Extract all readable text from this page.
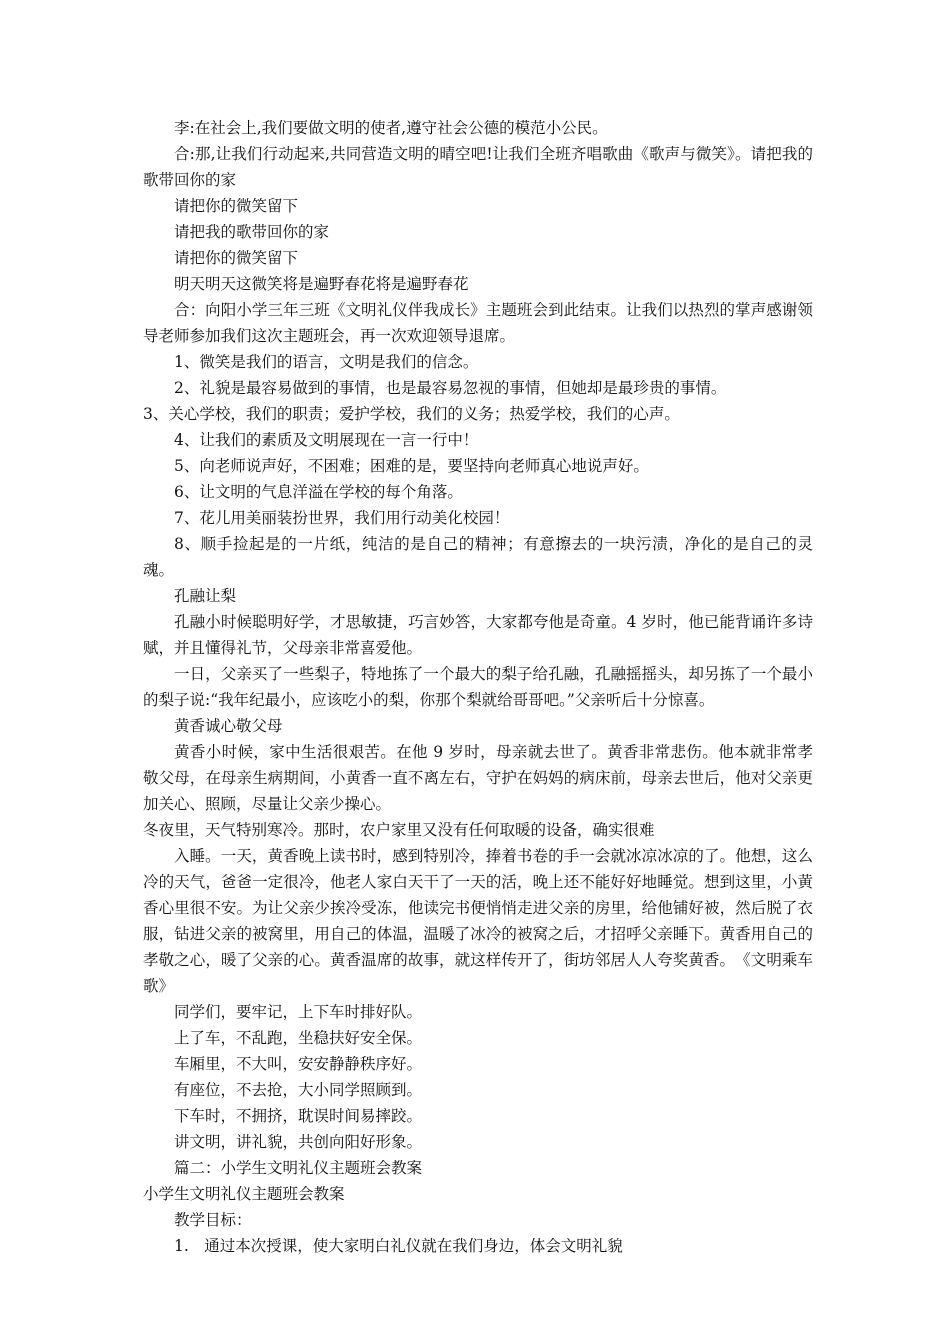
李:在社会上,我们要做文明的使者,遵守社会公德的模范小公民。

合:那,让我们行动起来,共同营造文明的晴空吧!让我们全班齐唱歌曲《歌声与微笑》。请把我的歌带回你的家

请把你的微笑留下

请把我的歌带回你的家

请把你的微笑留下

明天明天这微笑将是遍野春花将是遍野春花

合：向阳小学三年三班《文明礼仪伴我成长》主题班会到此结束。让我们以热烈的掌声感谢领导老师参加我们这次主题班会，再一次欢迎领导退席。

1、微笑是我们的语言，文明是我们的信念。

2、礼貌是最容易做到的事情，也是最容易忽视的事情，但她却是最珍贵的事情。

3、关心学校，我们的职责；爱护学校，我们的义务；热爱学校，我们的心声。

4、让我们的素质及文明展现在一言一行中！

5、向老师说声好，不困难；困难的是，要坚持向老师真心地说声好。

6、让文明的气息洋溢在学校的每个角落。

7、花儿用美丽装扮世界，我们用行动美化校园！

8、顺手捡起是的一片纸，纯洁的是自己的精神；有意擦去的一块污渍，净化的是自己的灵魂。

孔融让梨

孔融小时候聪明好学，才思敏捷，巧言妙答，大家都夸他是奇童。4 岁时，他已能背诵许多诗赋，并且懂得礼节，父母亲非常喜爱他。

一日，父亲买了一些梨子，特地拣了一个最大的梨子给孔融，孔融摇摇头，却另拣了一个最小的梨子说:“我年纪最小，应该吃小的梨，你那个梨就给哥哥吧。”父亲听后十分惊喜。

黄香诚心敬父母

黄香小时候，家中生活很艰苦。在他 9 岁时，母亲就去世了。黄香非常悲伤。他本就非常孝敬父母，在母亲生病期间，小黄香一直不离左右，守护在妈妈的病床前，母亲去世后，他对父亲更加关心、照顾，尽量让父亲少操心。

冬夜里，天气特别寒冷。那时，农户家里又没有任何取暖的设备，确实很难

入睡。一天，黄香晚上读书时，感到特别冷，捧着书卷的手一会就冰凉冰凉的了。他想，这么冷的天气，爸爸一定很冷，他老人家白天干了一天的活，晚上还不能好好地睡觉。想到这里，小黄香心里很不安。为让父亲少挨冷受冻，他读完书便悄悄走进父亲的房里，给他铺好被，然后脱了衣服，钻进父亲的被窝里，用自己的体温，温暖了冰冷的被窝之后，才招呼父亲睡下。黄香用自己的孝敬之心，暖了父亲的心。黄香温席的故事，就这样传开了，街坊邻居人人夸奖黄香。　《文明乘车歌》

同学们，要牢记，上下车时排好队。

上了车，不乱跑，坐稳扶好安全保。

车厢里，不大叫，安安静静秩序好。

有座位，不去抢，大小同学照顾到。

下车时，不拥挤，耽误时间易摔跤。

讲文明，讲礼貌，共创向阳好形象。

篇二：小学生文明礼仪主题班会教案

小学生文明礼仪主题班会教案

教学目标：

1.　通过本次授课，使大家明白礼仪就在我们身边，体会文明礼貌
